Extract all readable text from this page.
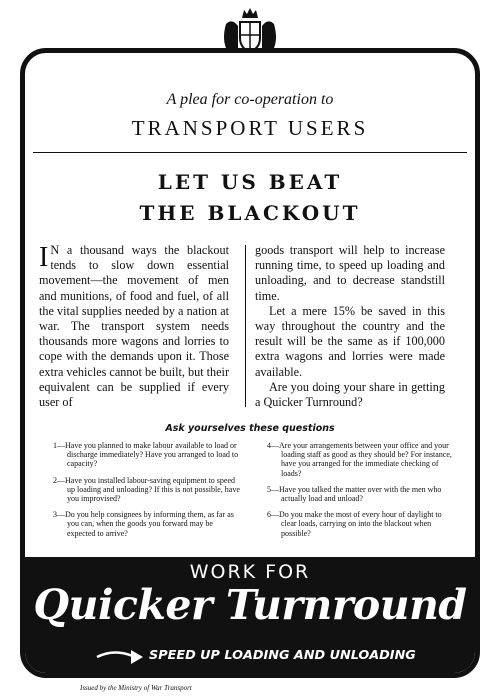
A plea for co-operation to
TRANSPORT USERS
LET US BEAT
THE BLACKOUT

I N a thousand ways the blackout tends to slow down essential movement—the movement of men and munitions, of food and fuel, of all the vital supplies needed by a nation at war. The transport system needs thousands more wagons and lorries to cope with the demands upon it. Those extra vehicles cannot be built, but their equivalent can be supplied if every user of

goods transport will help to increase running time, to speed up loading and unloading, and to decrease standstill time.

Let a mere 15% be saved in this way throughout the country and the result will be the same as if 100,000 extra wagons and lorries were made available.

Are you doing your share in getting a Quicker Turnround?

Ask yourselves these questions
1—Have you planned to make labour available to load or discharge immediately? Have you arranged to load to capacity?
2—Have you installed labour-saving equipment to speed up loading and unloading? If this is not possible, have you improvised?
3—Do you help consignees by informing them, as far as you can, when the goods you forward may be expected to arrive?
4—Are your arrangements between your office and your loading staff as good as they should be? For instance, have you arranged for the immediate checking of loads?
5—Have you talked the matter over with the men who actually load and unload?
6—Do you make the most of every hour of daylight to clear loads, carrying on into the blackout when possible?
WORK FOR
Quicker Turnround
SPEED UP LOADING AND UNLOADING
Issued by the Ministry of War Transport
